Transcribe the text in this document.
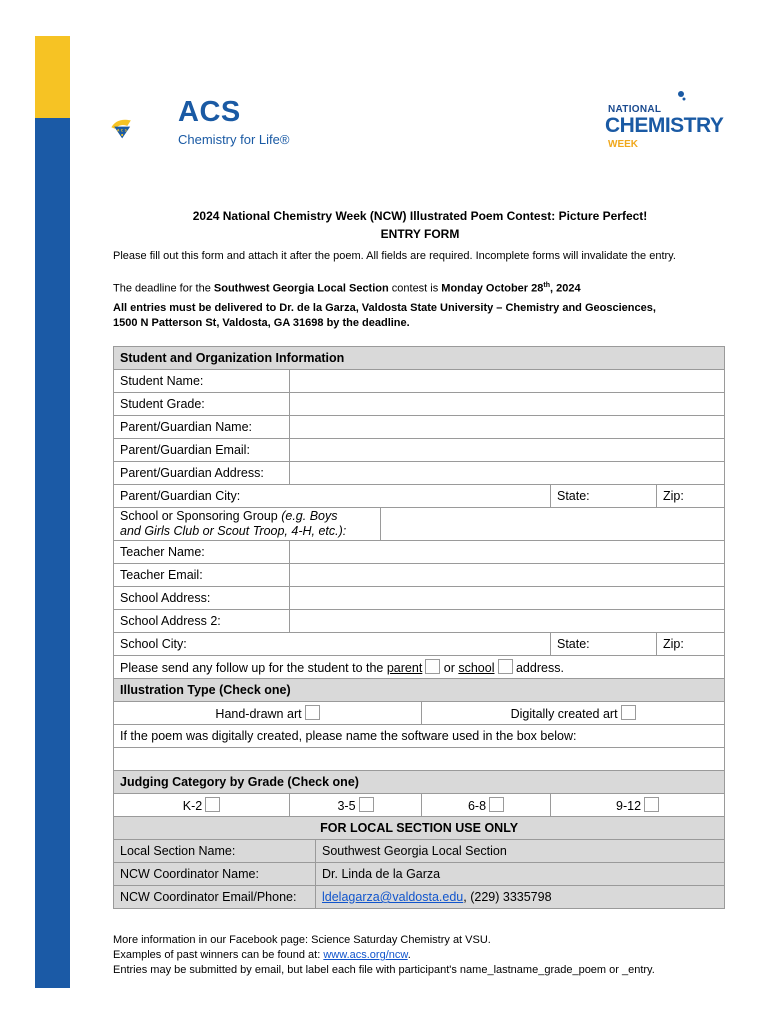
A C S
ACS
Chemistry for Life®
NATIONAL
CHEMISTRY
WEEK
2024 National Chemistry Week (NCW) Illustrated Poem Contest: Picture Perfect!
ENTRY FORM
Please fill out this form and attach it after the poem. All fields are required. Incomplete forms will invalidate the entry.
The deadline for the Southwest Georgia Local Section contest is Monday October 28th, 2024
All entries must be delivered to Dr. de la Garza, Valdosta State University – Chemistry and Geosciences,
1500 N Patterson St, Valdosta, GA 31698 by the deadline.
Student and Organization Information						
Student Name:						
Student Grade:						
Parent/Guardian Name:						
Parent/Guardian Email:						
Parent/Guardian Address:						
Parent/Guardian City:					State:	Zip:
School or Sponsoring Group (e.g. Boys
and Girls Club or Scout Troop, 4-H, etc.):						
Teacher Name:						
Teacher Email:						
School Address:						
School Address 2:						
School City:					State:	Zip:
Please send any follow up for the student to the parent or school address.						
Illustration Type (Check one)						
Hand-drawn art				Digitally created art		
If the poem was digitally created, please name the software used in the box below:						

Judging Category by Grade (Check one)						
K-2	3-5			6-8	9-12	
FOR LOCAL SECTION USE ONLY						
Local Section Name:		Southwest Georgia Local Section				
NCW Coordinator Name:		Dr. Linda de la Garza				
NCW Coordinator Email/Phone:		ldelagarza@valdosta.edu, (229) 3335798				
More information in our Facebook page: Science Saturday Chemistry at VSU.
Examples of past winners can be found at: www.acs.org/ncw.
Entries may be submitted by email, but label each file with participant's name_lastname_grade_poem or _entry.
